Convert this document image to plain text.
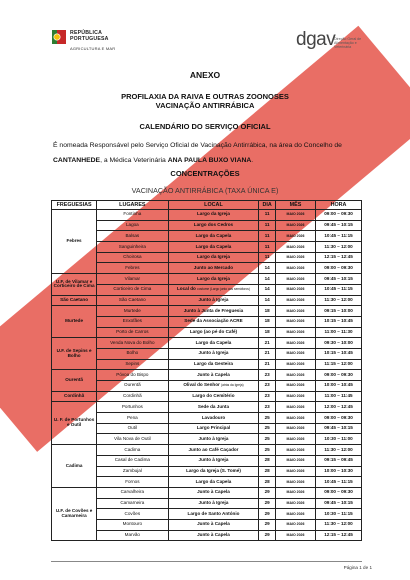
REPÚBLICA
PORTUGUESA
AGRICULTURA E MAR	dgav
Direção Geral de Alimentação e Veterinária
ANEXO
PROFILAXIA DA RAIVA E OUTRAS ZOONOSES
VACINAÇÃO ANTIRRÁBICA
CALENDÁRIO DO SERVIÇO OFICIAL
É nomeada Responsável pelo Serviço Oficial de Vacinação Antirrábica, na área do Concelho de
CANTANHEDE, a Médica Veterinária ANA PAULA BUXO VIANA.
CONCENTRAÇÕES
VACINAÇÃO ANTIRRÁBICA (TAXA ÚNICA E)
FREGUESIAS	LUGARES	LOCAL	DIA	MÊS	HORA
Febres	Fontinha	Largo da Igreja	11	MAIO 2026	09:00 – 09:30
	Lagoa	Largo dos Cedros	11	MAIO 2026	09:45 – 10:15
	Balsas	Largo da Capela	11	MAIO 2026	10:45 – 11:15
	Sanguinheira	Largo da Capela	11	MAIO 2026	11:30 – 12:00
	Choirosa	Largo da Igreja	11	MAIO 2026	12:15 – 12:45
	Febres	Junto ao Mercado	14	MAIO 2026	09:00 – 09:30
U.F. de Vilamar e Corticeiro de Cima	Vilamar	Largo da Igreja	14	MAIO 2026	09:45 – 10:15
	Corticeiro de Cima	Local do costume (Largo junto aos semáforos)	14	MAIO 2026	10:45 – 11:15
São Caetano	São Caetano	Junto à Igreja	14	MAIO 2026	11:30 – 12:00
Murtede	Murtede	Junto à Junta de Freguesia	18	MAIO 2026	09:15 – 10:00
	Enxofães	Sede da Associação ACRE	18	MAIO 2026	10:15 – 10:45
	Porto de Carros	Largo (ao pé do Café)	18	MAIO 2026	11:00 – 11:30
U.F. de Sepins e Bolho	Venda Nova do Bolho	Largo da Capela	21	MAIO 2026	09:30 – 10:00
	Bolho	Junto à Igreja	21	MAIO 2026	10:15 – 10:45
	Sepins	Largo da Gesteira	21	MAIO 2026	11:15 – 12:00
Ourentã	Póvoa do Bispo	Junto à Capela	23	MAIO 2026	09:00 – 09:30
	Ourentã	Olival do Senhor (atrás da Igreja)	23	MAIO 2026	10:00 – 10:45
Cordinhã	Cordinhã	Largo do Cemitério	23	MAIO 2026	11:00 – 11:45
U. F. de Portunhos e Outil	Portunhos	Sede da Junta	23	MAIO 2026	12:00 – 12:45
	Pena	Lavadouro	25	MAIO 2026	09:00 – 09:30
	Outil	Largo Principal	25	MAIO 2026	09:45 – 10:15
	Vila Nova de Outil	Junto à Igreja	25	MAIO 2026	10:30 – 11:00
Cadima	Cadima	Junto ao Café Caçador	25	MAIO 2026	11:30 – 12:00
	Casal de Cadima	Junto à Igreja	28	MAIO 2026	09:15 – 09:45
	Zambujal	Largo da Igreja (S. Tomé)	28	MAIO 2026	10:00 – 10:30
	Fornos	Largo da Capela	28	MAIO 2026	10:45 – 11:15
U.F. de Covões e Camarneira	Carvalheira	Junto à Capela	29	MAIO 2026	09:00 – 09:30
	Camarneira	Junto à Igreja	29	MAIO 2026	09:45 – 10:15
	Covões	Largo de Santo António	29	MAIO 2026	10:30 – 11:15
	Montouro	Junto à Capela	29	MAIO 2026	11:30 – 12:00
	Marvão	Junto à Capela	29	MAIO 2026	12:15 – 12:45
Página 1 de 1
